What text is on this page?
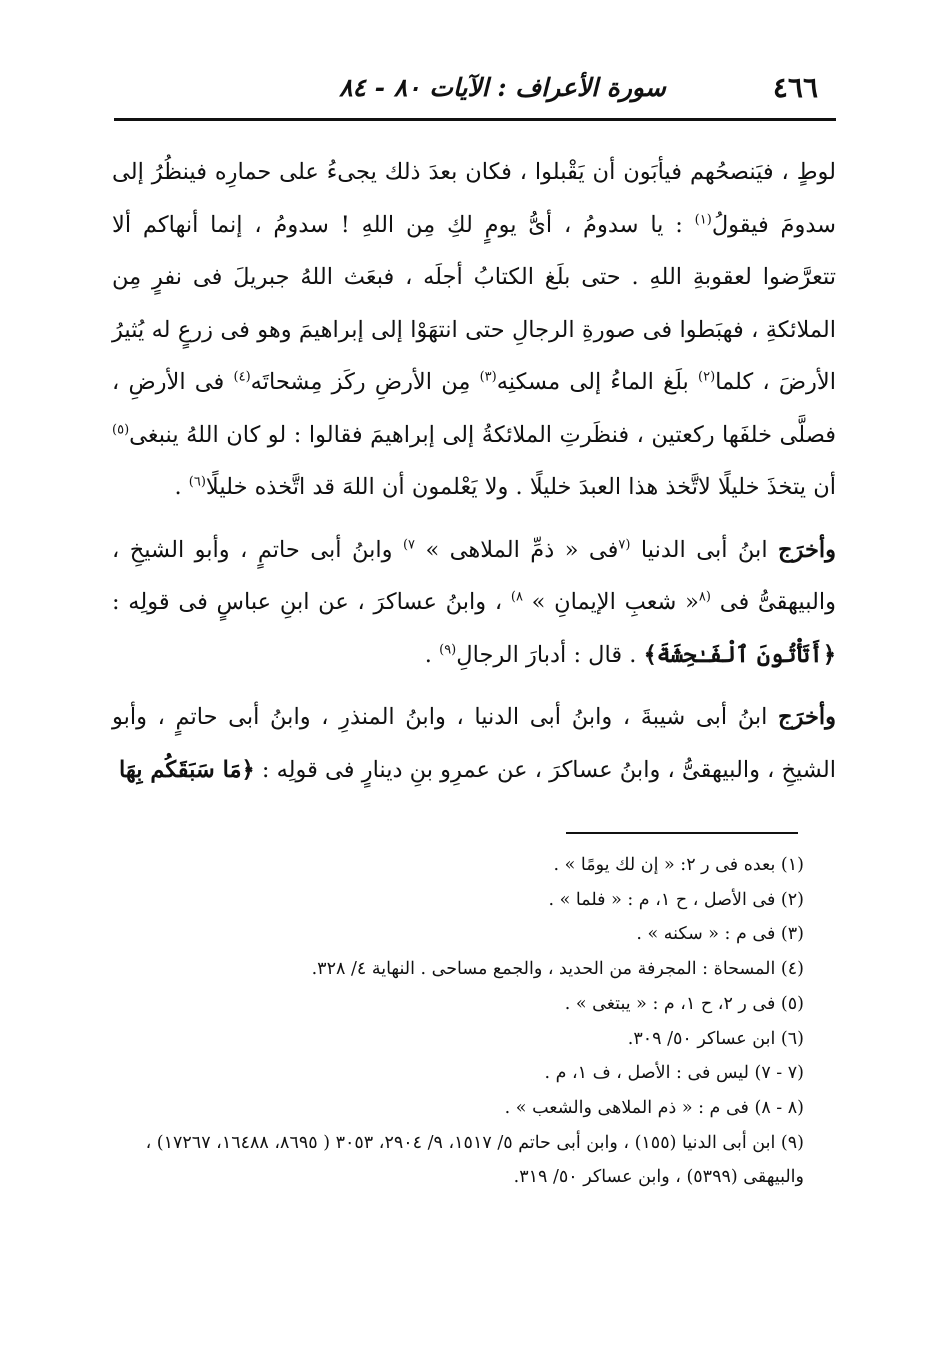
٤٦٦
سورة الأعراف : الآيات ٨٠ - ٨٤

لوطٍ ، فيَنصحُهم فيأبَون أن يَقْبلوا ، فكان بعدَ ذلك يجىءُ على حمارِه فينظُرُ إلى سدومَ فيقولُ$^{(١)}$ : يا سدومُ ، أىُّ يومٍ لكِ مِن اللهِ ! سدومُ ، إنما أنهاكم ألا تتعرَّضوا لعقوبةِ اللهِ . حتى بلَغ الكتابُ أجلَه ، فبعَث اللهُ جبريلَ فى نفرٍ مِن الملائكةِ ، فهبَطوا فى صورةِ الرجالِ حتى انتهَوْا إلى إبراهيمَ وهو فى زرعٍ له يُثيرُ الأرضَ ، كلما$^{(٢)}$ بلَغ الماءُ إلى مسكنِه$^{(٣)}$ مِن الأرضِ ركَز مِشحاتَه$^{(٤)}$ فى الأرضِ ، فصلَّى خلفَها ركعتين ، فنظَرتِ الملائكةُ إلى إبراهيمَ فقالوا : لو كان اللهُ ينبغى$^{(٥)}$ أن يتخذَ خليلًا لاتَّخذ هذا العبدَ خليلًا . ولا يَعْلمون أن اللهَ قد اتَّخذه خليلًا$^{(٦)}$ .

وأخرَج ابنُ أبى الدنيا $^{(٧}$فى « ذمِّ الملاهى » $^{٧)}$ وابنُ أبى حاتمٍ ، وأبو الشيخِ ، والبيهقىُّ فى $^{(٨}$« شعبِ الإيمانِ » $^{٨)}$ ، وابنُ عساكرَ ، عن ابنِ عباسٍ فى قولِه : ﴿أَتَأْتُونَ ٱلْفَـٰحِشَةَ﴾ . قال : أدبارَ الرجالِ$^{(٩)}$ .

وأخرَج ابنُ أبى شيبةَ ، وابنُ أبى الدنيا ، وابنُ المنذرِ ، وابنُ أبى حاتمٍ ، وأبو الشيخِ ، والبيهقىُّ ، وابنُ عساكرَ ، عن عمرِو بنِ دينارٍ فى قولِه : ﴿مَا سَبَقَكُم بِهَا

(١) بعده فى ر ٢: « إن لك يومًا » .

(٢) فى الأصل ، ح ١، م : « فلما » .

(٣) فى م : « سكنه » .

(٤) المسحاة : المجرفة من الحديد ، والجمع مساحى . النهاية ٤/ ٣٢٨.

(٥) فى ر ٢، ح ١، م : « يبتغى » .

(٦) ابن عساكر ٥٠/ ٣٠٩.

(٧ - ٧) ليس فى : الأصل ، ف ١، م .

(٨ - ٨) فى م : « ذم الملاهى والشعب » .

(٩) ابن أبى الدنيا (١٥٥) ، وابن أبى حاتم ٥/ ١٥١٧، ٩/ ٢٩٠٤، ٣٠٥٣ ( ٨٦٩٥، ١٦٤٨٨، ١٧٢٦٧) ، والبيهقى (٥٣٩٩) ، وابن عساكر ٥٠/ ٣١٩.
